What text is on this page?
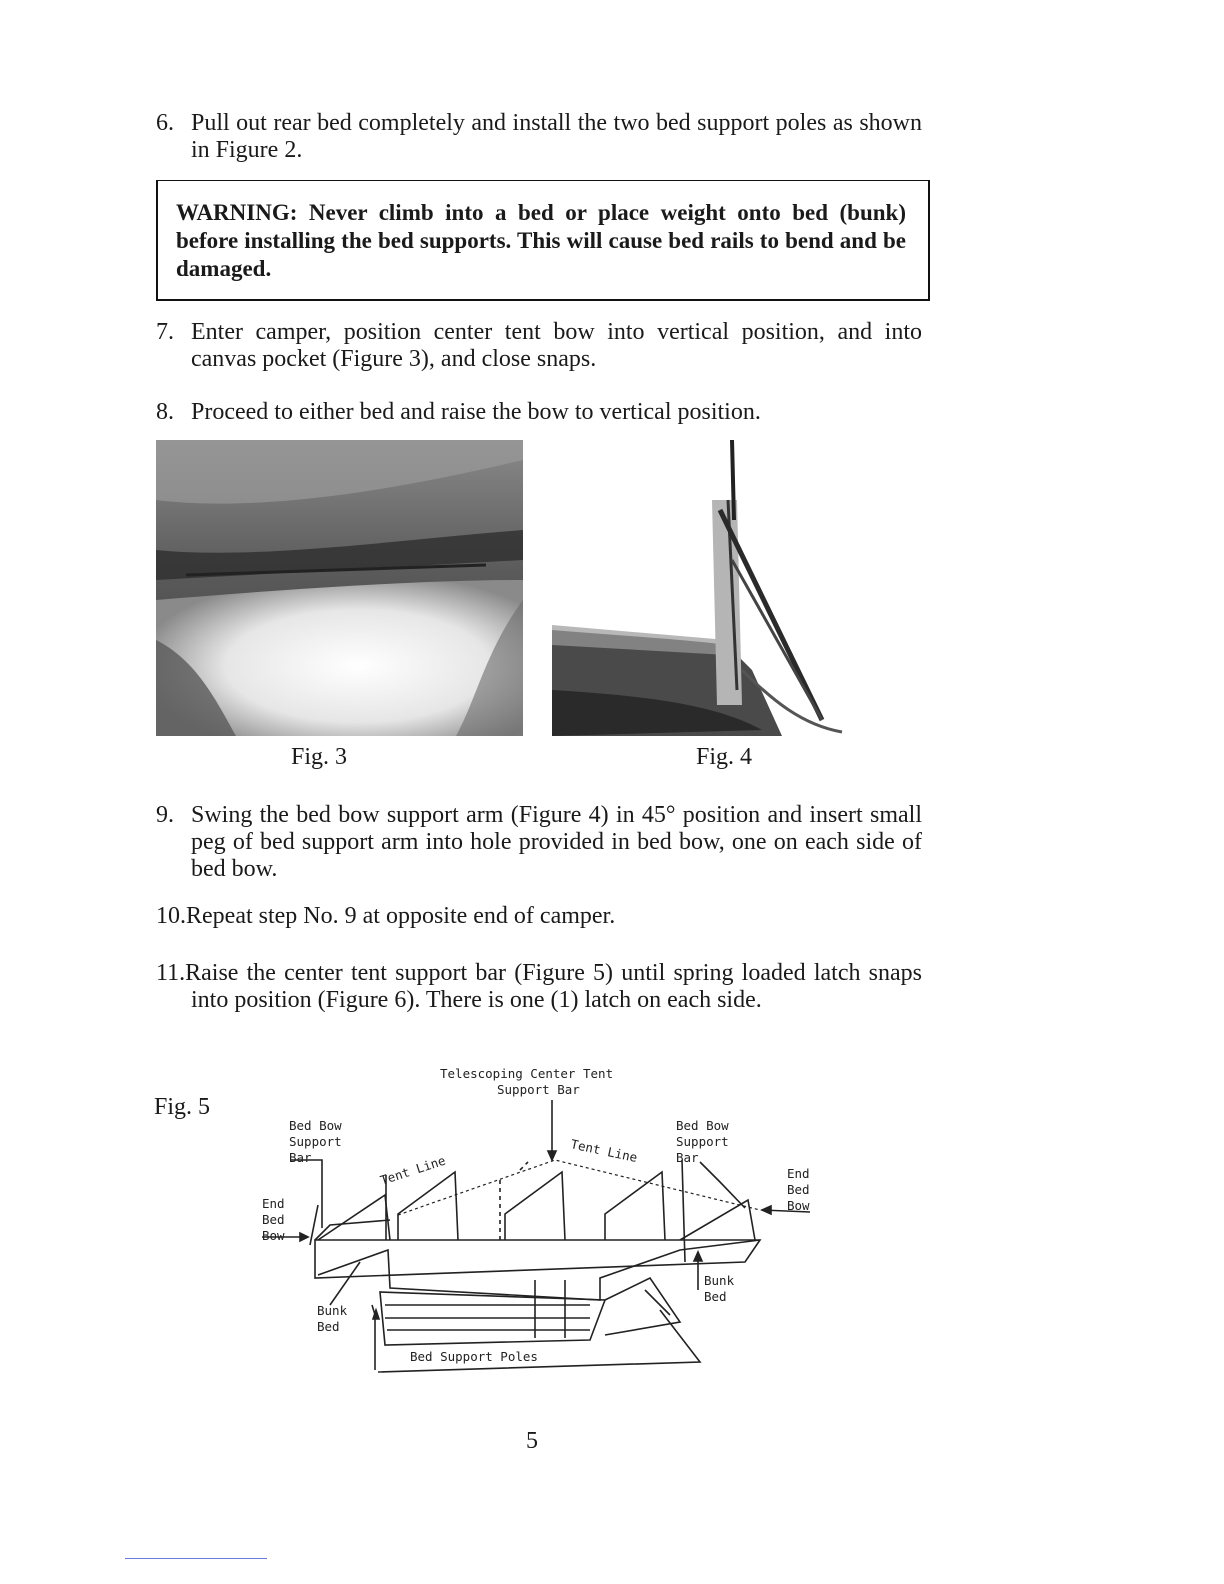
6. Pull out rear bed completely and install the two bed support poles as shown in Figure 2.
WARNING: Never climb into a bed or place weight onto bed (bunk) before installing the bed supports. This will cause bed rails to bend and be damaged.
7. Enter camper, position center tent bow into vertical position, and into canvas pocket (Figure 3), and close snaps.
8. Proceed to either bed and raise the bow to vertical position.
Fig. 3	Fig. 4
9. Swing the bed bow support arm (Figure 4) in 45° position and insert small peg of bed support arm into hole provided in bed bow, one on each side of bed bow.
10.Repeat step No. 9 at opposite end of camper.
11.Raise the center tent support bar (Figure 5) until spring loaded latch snaps into position (Figure 6). There is one (1) latch on each side.
Fig. 5
Telescoping Center Tent
Support Bar
Bed Bow
Support
Bar
Bed Bow
Support
Bar
Tent Line
Tent Line
End
Bed
Bow
End
Bed
Bow
Bunk
Bed
Bunk
Bed
Bed Support Poles
5
